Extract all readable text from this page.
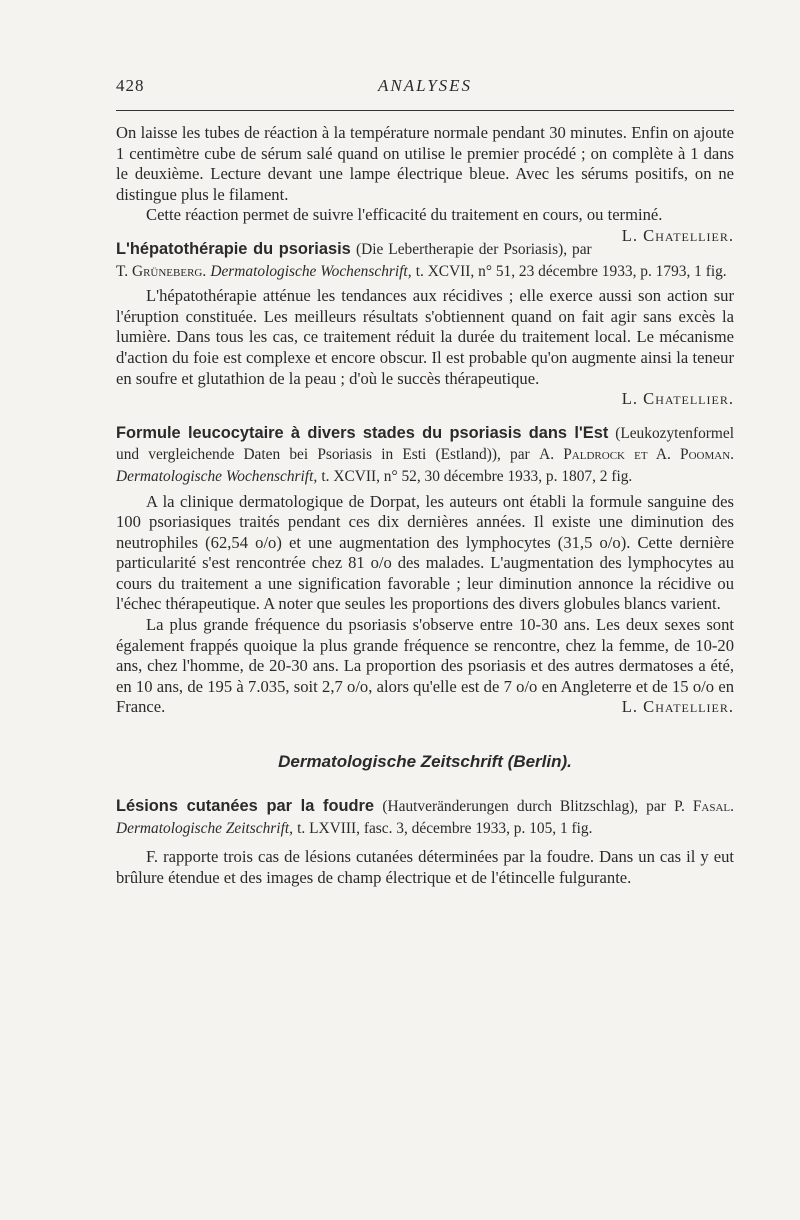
428	ANALYSES

On laisse les tubes de réaction à la température normale pendant 30 minutes. Enfin on ajoute 1 centimètre cube de sérum salé quand on utilise le premier procédé ; on complète à 1 dans le deuxième. Lecture devant une lampe électrique bleue. Avec les sérums positifs, on ne distingue plus le filament.

Cette réaction permet de suivre l'efficacité du traitement en cours, ou terminé.
L. Chatellier.

L'hépatothérapie du psoriasis (Die Lebertherapie der Psoriasis), par T. Grüneberg. Dermatologische Wochenschrift, t. XCVII, n° 51, 23 décembre 1933, p. 1793, 1 fig.

L'hépatothérapie atténue les tendances aux récidives ; elle exerce aussi son action sur l'éruption constituée. Les meilleurs résultats s'obtiennent quand on fait agir sans excès la lumière. Dans tous les cas, ce traitement réduit la durée du traitement local. Le mécanisme d'action du foie est complexe et encore obscur. Il est probable qu'on augmente ainsi la teneur en soufre et glutathion de la peau ; d'où le succès thérapeutique.

L. Chatellier.

Formule leucocytaire à divers stades du psoriasis dans l'Est (Leukozytenformel und vergleichende Daten bei Psoriasis in Esti (Estland)), par A. Paldrock et A. Pooman. Dermatologische Wochenschrift, t. XCVII, n° 52, 30 décembre 1933, p. 1807, 2 fig.

A la clinique dermatologique de Dorpat, les auteurs ont établi la formule sanguine des 100 psoriasiques traités pendant ces dix dernières années. Il existe une diminution des neutrophiles (62,54 o/o) et une augmentation des lymphocytes (31,5 o/o). Cette dernière particularité s'est rencontrée chez 81 o/o des malades. L'augmentation des lymphocytes au cours du traitement a une signification favorable ; leur diminution annonce la récidive ou l'échec thérapeutique. A noter que seules les proportions des divers globules blancs varient.

La plus grande fréquence du psoriasis s'observe entre 10-30 ans. Les deux sexes sont également frappés quoique la plus grande fréquence se rencontre, chez la femme, de 10-20 ans, chez l'homme, de 20-30 ans. La proportion des psoriasis et des autres dermatoses a été, en 10 ans, de 195 à 7.035, soit 2,7 o/o, alors qu'elle est de 7 o/o en Angleterre et de 15 o/o en France.	L. Chatellier.

Dermatologische Zeitschrift (Berlin).

Lésions cutanées par la foudre (Hautveränderungen durch Blitzschlag), par P. Fasal. Dermatologische Zeitschrift, t. LXVIII, fasc. 3, décembre 1933, p. 105, 1 fig.

F. rapporte trois cas de lésions cutanées déterminées par la foudre. Dans un cas il y eut brûlure étendue et des images de champ électrique et de l'étincelle fulgurante.
